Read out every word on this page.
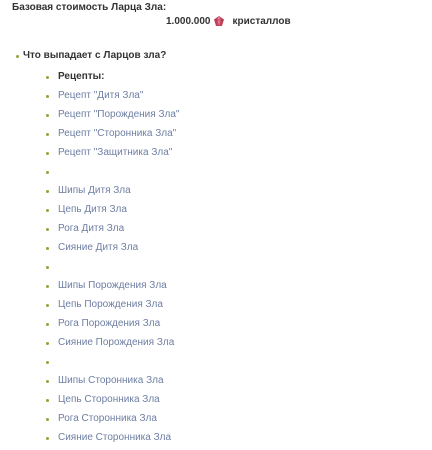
Базовая стоимость Ларца Зла:
1.000.000 кристаллов
Что выпадает с Ларцов зла?
Рецепты:
Рецепт "Дитя Зла"
Рецепт "Порождения Зла"
Рецепт "Сторонника Зла"
Рецепт "Защитника Зла"
Шипы Дитя Зла
Цепь Дитя Зла
Рога Дитя Зла
Сияние Дитя Зла
Шипы Порождения Зла
Цепь Порождения Зла
Рога Порождения Зла
Сияние Порождения Зла
Шипы Сторонника Зла
Цепь Сторонника Зла
Рога Сторонника Зла
Сияние Сторонника Зла
